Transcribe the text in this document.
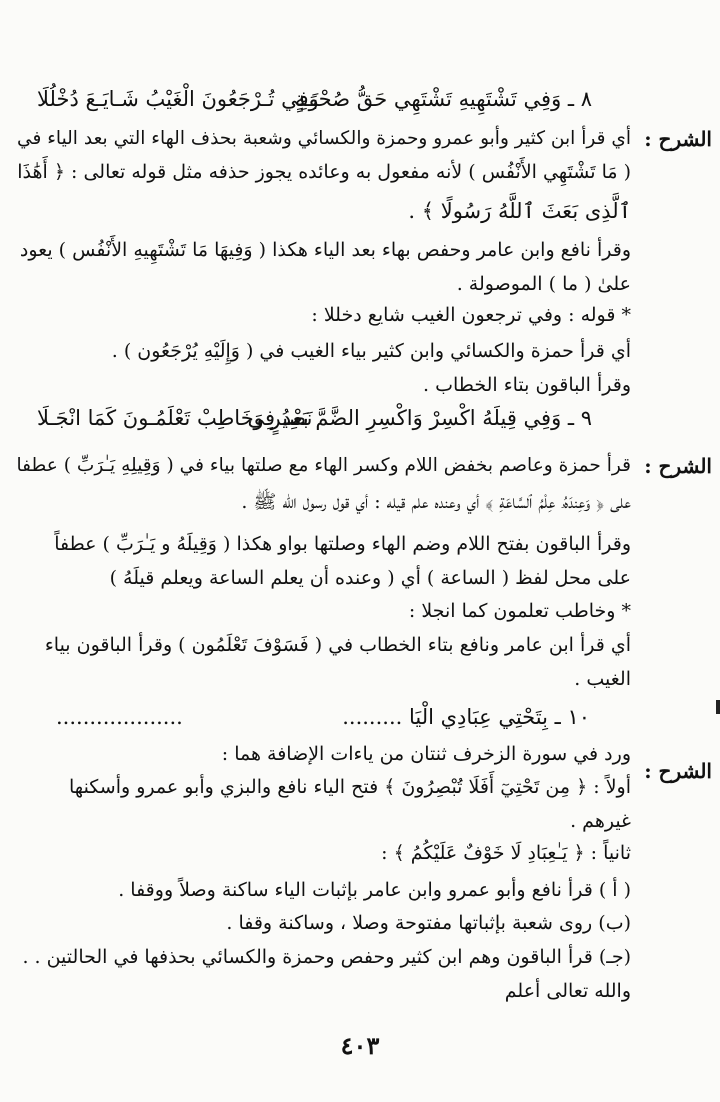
٨ ـ وَفِي تَشْتَهِيهِ تَشْتَهِي حَقُّ صُحْبَـةٍ
وَفِي تُـرْجَعُونَ الْغَيْبُ شَـايَـعَ دُخْلُلَا
الشرح :
أي قرأ ابن كثير وأبو عمرو وحمزة والكسائي وشعبة بحذف الهاء التي بعد الياء في
( مَا تَشْتَهِي الأَنْفُس ) لأنه مفعول به وعائده يجوز حذفه مثل قوله تعالى : ﴿ أَهَٰذَا
ٱلَّذِى بَعَثَ ٱللَّهُ رَسُولًا ﴾ .
وقرأ نافع وابن عامر وحفص بهاء بعد الياء هكذا ( وَفِيهَا مَا تَشْتَهِيهِ الأَنْفُس ) يعود
علىٰ ( ما ) الموصولة .
* قوله : وفي ترجعون الغيب شايع دخللا :
أي قرأ حمزة والكسائي وابن كثير بياء الغيب في ( وَإِلَيْهِ يُرْجَعُون ) .
وقرأ الباقون بتاء الخطاب .
٩ ـ وَفِي قِيلَهُ اكْسِرْ وَاكْسِرِ الضَّمَّ بَعْدُ فِي
نَصِيرٍ وَخَاطِبْ تَعْلَمُـونَ كَمَا انْجَـلَا
الشرح :
قرأ حمزة وعاصم بخفض اللام وكسر الهاء مع صلتها بياء في ( وَقِيلِهِ يَـٰرَبِّ ) عطفا
على ﴿ وَعِندَهُۥ عِلْمُ ٱلسَّاعَةِ ﴾ أي وعنده علم قيله : أي قول رسول الله ﷺ .
وقرأ الباقون بفتح اللام وضم الهاء وصلتها بواو هكذا ( وَقِيلَهُ و يَـٰرَبِّ ) عطفاً
على محل لفظ ( الساعة ) أي ( وعنده أن يعلم الساعة ويعلم قيلَهُ )
* وخاطب تعلمون كما انجلا :
أي قرأ ابن عامر ونافع بتاء الخطاب في ( فَسَوْفَ تَعْلَمُون ) وقرأ الباقون بياء
الغيب .
١٠ ـ بِتَحْتِي عِبَادِي الْيَا .........
...................
الشرح :
ورد في سورة الزخرف ثنتان من ياءات الإضافة هما :
أولاً : ﴿ مِن تَحْتِيٓ أَفَلَا تُبْصِرُونَ ﴾ فتح الياء نافع والبزي وأبو عمرو وأسكنها
غيرهم .
ثانياً : ﴿ يَـٰعِبَادِ لَا خَوْفٌ عَلَيْكُمُ ﴾ :
( أ ) قرأ نافع وأبو عمرو وابن عامر بإثبات الياء ساكنة وصلاً ووقفا .
(ب) روى شعبة بإثباتها مفتوحة وصلا ، وساكنة وقفا .
(جـ) قرأ الباقون وهم ابن كثير وحفص وحمزة والكسائي بحذفها في الحالتين . .
والله تعالى أعلم
٤٠٣
